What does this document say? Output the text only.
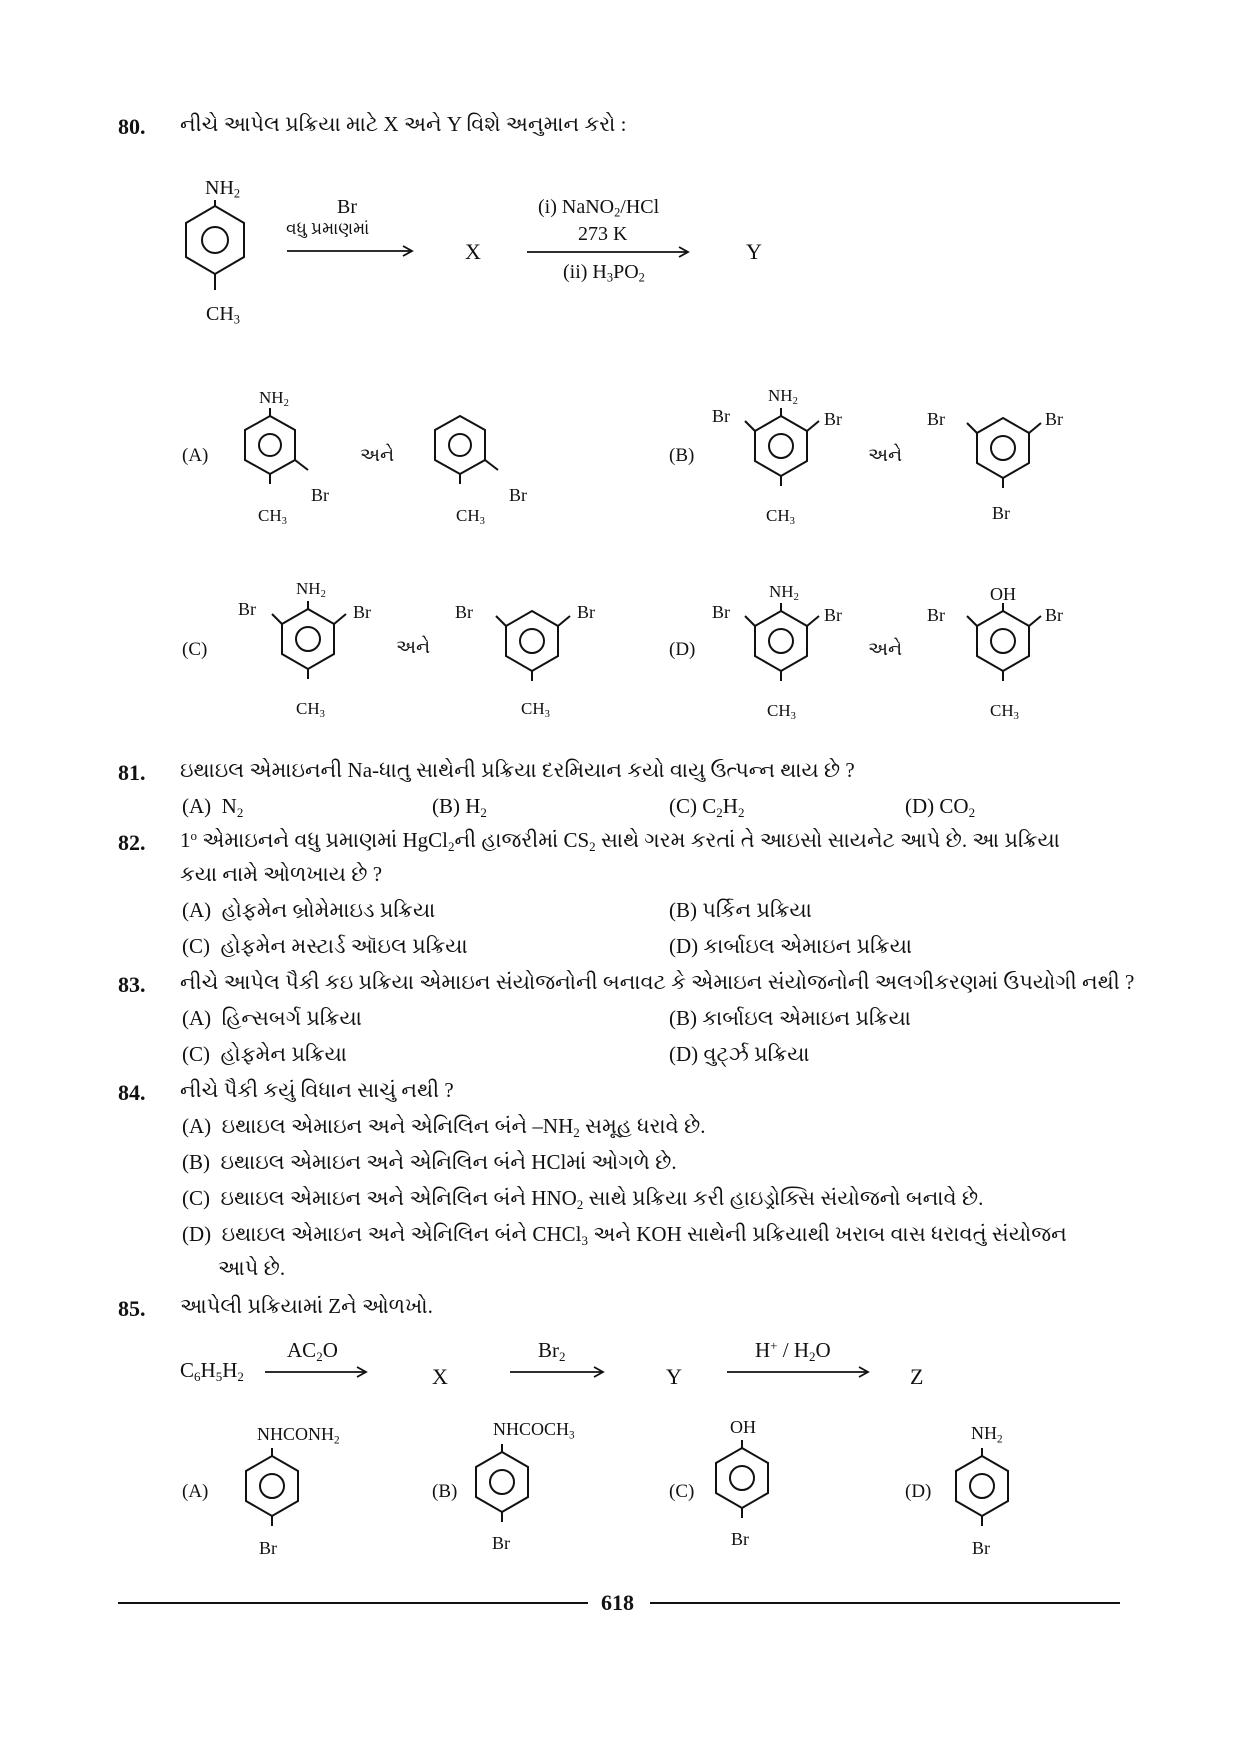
80. નીચે આપેલ પ્રક્રિયા માટે X અને Y વિશે અનુમાન કરો :
$NH_2$
$CH_3$
Br
વધુ પ્રમાણમાં
X
(i) NaNO$_2$/HCl
273 K
(ii) $H_3PO_2$
Y
(A)
$NH_2$
Br
$CH_3$
અને
Br
$CH_3$
(B)
Br
$NH_2$
Br
$CH_3$
અને
Br	Br
Br
(C)
Br
$NH_2$
Br
$CH_3$
અને
Br	Br
$CH_3$
(D)
Br
$NH_2$
Br
$CH_3$
અને
Br
OH
Br
$CH_3$
81. ઇથાઇલ એમાઇનની Na-ધાતુ સાથેની પ્રક્રિયા દરમિયાન કયો વાયુ ઉત્પન્ન થાય છે ?
(A) $N_2$	(B) $H_2$	(C) $C_2H_2$	(D) $CO_2$
82. 1$^o$ એમાઇનને વધુ પ્રમાણમાં HgCl$_2$ની હાજરીમાં $CS_2$ સાથે ગરમ કરતાં તે આઇસો સાયનેટ આપે છે. આ પ્રક્રિયા
કયા નામે ઓળખાય છે ?
(A) હોફમેન બ્રોમેમાઇડ પ્રક્રિયા	(B) પર્કિન પ્રક્રિયા
(C) હોફમેન મસ્ટાર્ડ ઑઇલ પ્રક્રિયા	(D) કાર્બાઇલ એમાઇન પ્રક્રિયા
83. નીચે આપેલ પૈકી કઇ પ્રક્રિયા એમાઇન સંયોજનોની બનાવટ કે એમાઇન સંયોજનોની અલગીકરણમાં ઉપયોગી નથી ?
(A) હિન્સબર્ગ પ્રક્રિયા	(B) કાર્બાઇલ એમાઇન પ્રક્રિયા
(C) હોફમેન પ્રક્રિયા	(D) વુર્ટ્ઝ પ્રક્રિયા
84. નીચે પૈકી કયું વિધાન સાચું નથી ?
(A) ઇથાઇલ એમાઇન અને એનિલિન બંને $-NH_2$ સમૂહ ધરાવે છે.
(B) ઇથાઇલ એમાઇન અને એનિલિન બંને HClમાં ઓગળે છે.
(C) ઇથાઇલ એમાઇન અને એનિલિન બંને $HNO_2$ સાથે પ્રક્રિયા કરી હાઇડ્રોક્સિ સંયોજનો બનાવે છે.
(D) ઇથાઇલ એમાઇન અને એનિલિન બંને CHCl$_3$ અને KOH સાથેની પ્રક્રિયાથી ખરાબ વાસ ધરાવતું સંયોજન
આપે છે.
85. આપેલી પ્રક્રિયામાં Zને ઓળખો.
$C_6H_5H_2$
$AC_2O$
X
$Br_2$
Y
$H^+ / H_2O$
Z
(A)
$NHCONH_2$
Br
(B)
$NHCOCH_3$
Br
(C)
OH
Br
(D)
$NH_2$
Br
618
